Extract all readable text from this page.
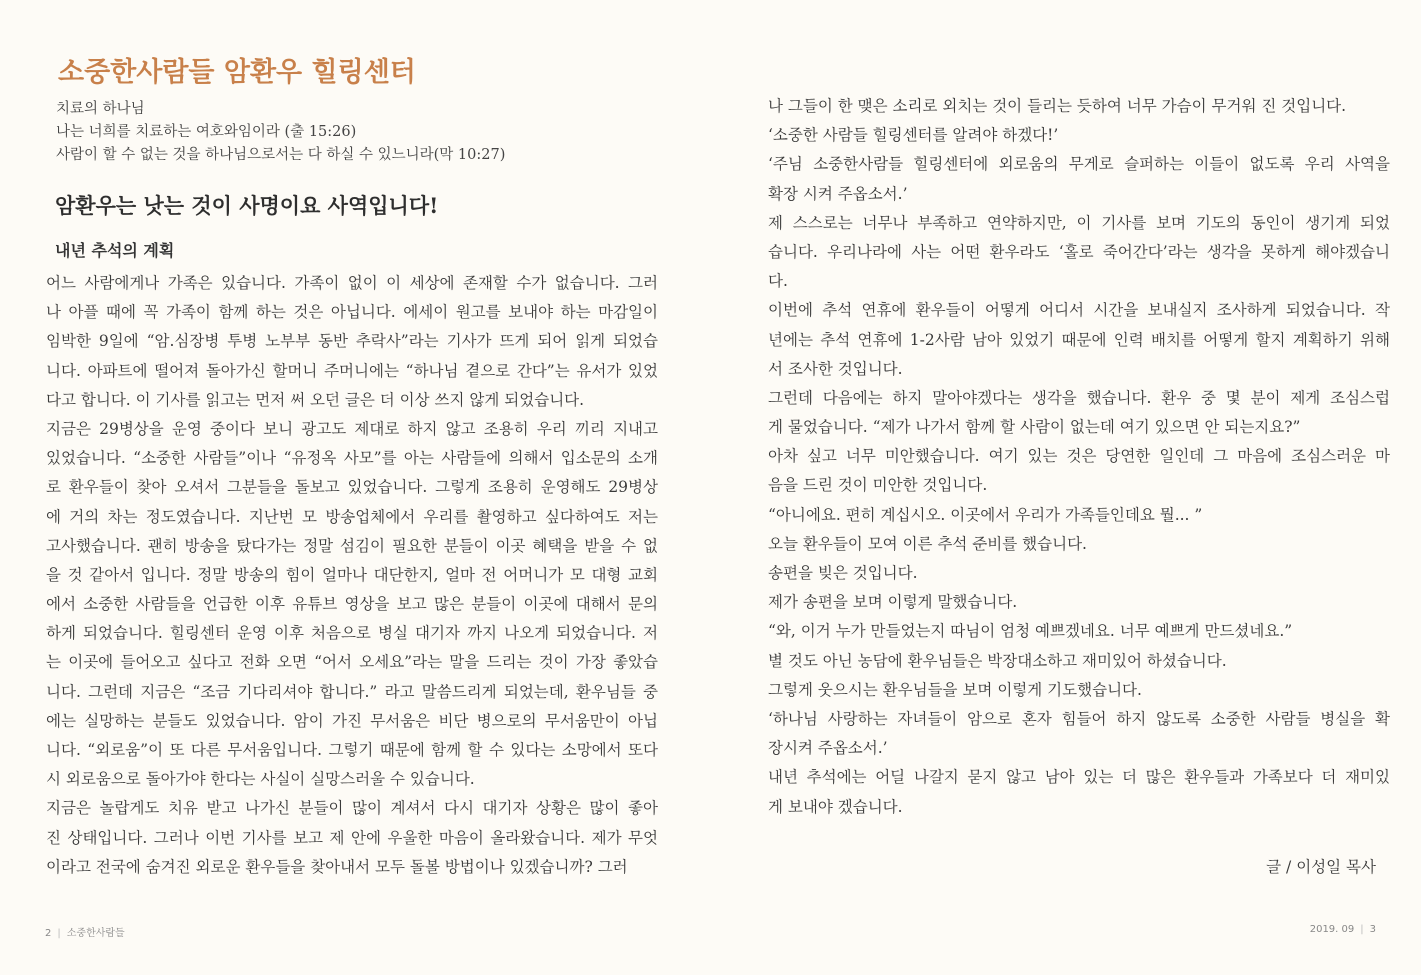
소중한사람들 암환우 힐링센터
치료의 하나님
나는 너희를 치료하는 여호와임이라 (출 15:26)
사람이 할 수 없는 것을 하나님으로서는 다 하실 수 있느니라(막 10:27)
암환우는 낫는 것이 사명이요 사역입니다!
내년 추석의 계획
어느 사람에게나 가족은 있습니다. 가족이 없이 이 세상에 존재할 수가 없습니다. 그러
나 아플 때에 꼭 가족이 함께 하는 것은 아닙니다. 에세이 원고를 보내야 하는 마감일이
임박한 9일에 “암.심장병 투병 노부부 동반 추락사”라는 기사가 뜨게 되어 읽게 되었습
니다. 아파트에 떨어져 돌아가신 할머니 주머니에는 “하나님 곁으로 간다”는 유서가 있었
다고 합니다. 이 기사를 읽고는 먼저 써 오던 글은 더 이상 쓰지 않게 되었습니다.
지금은 29병상을 운영 중이다 보니 광고도 제대로 하지 않고 조용히 우리 끼리 지내고
있었습니다. “소중한 사람들”이나 “유정옥 사모”를 아는 사람들에 의해서 입소문의 소개
로 환우들이 찾아 오셔서 그분들을 돌보고 있었습니다. 그렇게 조용히 운영해도 29병상
에 거의 차는 정도였습니다. 지난번 모 방송업체에서 우리를 촬영하고 싶다하여도 저는
고사했습니다. 괜히 방송을 탔다가는 정말 섬김이 필요한 분들이 이곳 혜택을 받을 수 없
을 것 같아서 입니다. 정말 방송의 힘이 얼마나 대단한지, 얼마 전 어머니가 모 대형 교회
에서 소중한 사람들을 언급한 이후 유튜브 영상을 보고 많은 분들이 이곳에 대해서 문의
하게 되었습니다. 힐링센터 운영 이후 처음으로 병실 대기자 까지 나오게 되었습니다. 저
는 이곳에 들어오고 싶다고 전화 오면 “어서 오세요”라는 말을 드리는 것이 가장 좋았습
니다. 그런데 지금은 “조금 기다리셔야 합니다.” 라고 말씀드리게 되었는데, 환우님들 중
에는 실망하는 분들도 있었습니다. 암이 가진 무서움은 비단 병으로의 무서움만이 아닙
니다. “외로움”이 또 다른 무서움입니다. 그렇기 때문에 함께 할 수 있다는 소망에서 또다
시 외로움으로 돌아가야 한다는 사실이 실망스러울 수 있습니다.
지금은 놀랍게도 치유 받고 나가신 분들이 많이 계셔서 다시 대기자 상황은 많이 좋아
진 상태입니다. 그러나 이번 기사를 보고 제 안에 우울한 마음이 올라왔습니다. 제가 무엇
이라고 전국에 숨겨진 외로운 환우들을 찾아내서 모두 돌볼 방법이나 있겠습니까? 그러
2 | 소중한사람들
나 그들이 한 맺은 소리로 외치는 것이 들리는 듯하여 너무 가슴이 무거워 진 것입니다.
‘소중한 사람들 힐링센터를 알려야 하겠다!’
‘주님 소중한사람들 힐링센터에 외로움의 무게로 슬퍼하는 이들이 없도록 우리 사역을
확장 시켜 주옵소서.’
제 스스로는 너무나 부족하고 연약하지만, 이 기사를 보며 기도의 동인이 생기게 되었
습니다. 우리나라에 사는 어떤 환우라도 ‘홀로 죽어간다’라는 생각을 못하게 해야겠습니
다.
이번에 추석 연휴에 환우들이 어떻게 어디서 시간을 보내실지 조사하게 되었습니다. 작
년에는 추석 연휴에 1-2사람 남아 있었기 때문에 인력 배치를 어떻게 할지 계획하기 위해
서 조사한 것입니다.
그런데 다음에는 하지 말아야겠다는 생각을 했습니다. 환우 중 몇 분이 제게 조심스럽
게 물었습니다. “제가 나가서 함께 할 사람이 없는데 여기 있으면 안 되는지요?”
아차 싶고 너무 미안했습니다. 여기 있는 것은 당연한 일인데 그 마음에 조심스러운 마
음을 드린 것이 미안한 것입니다.
“아니에요. 편히 계십시오. 이곳에서 우리가 가족들인데요 뭘... ”
오늘 환우들이 모여 이른 추석 준비를 했습니다.
송편을 빚은 것입니다.
제가 송편을 보며 이렇게 말했습니다.
“와, 이거 누가 만들었는지 따님이 엄청 예쁘겠네요. 너무 예쁘게 만드셨네요.”
별 것도 아닌 농담에 환우님들은 박장대소하고 재미있어 하셨습니다.
그렇게 웃으시는 환우님들을 보며 이렇게 기도했습니다.
‘하나님 사랑하는 자녀들이 암으로 혼자 힘들어 하지 않도록 소중한 사람들 병실을 확
장시켜 주옵소서.’
내년 추석에는 어딜 나갈지 묻지 않고 남아 있는 더 많은 환우들과 가족보다 더 재미있
게 보내야 겠습니다.
글 / 이성일 목사
2019. 09 | 3
